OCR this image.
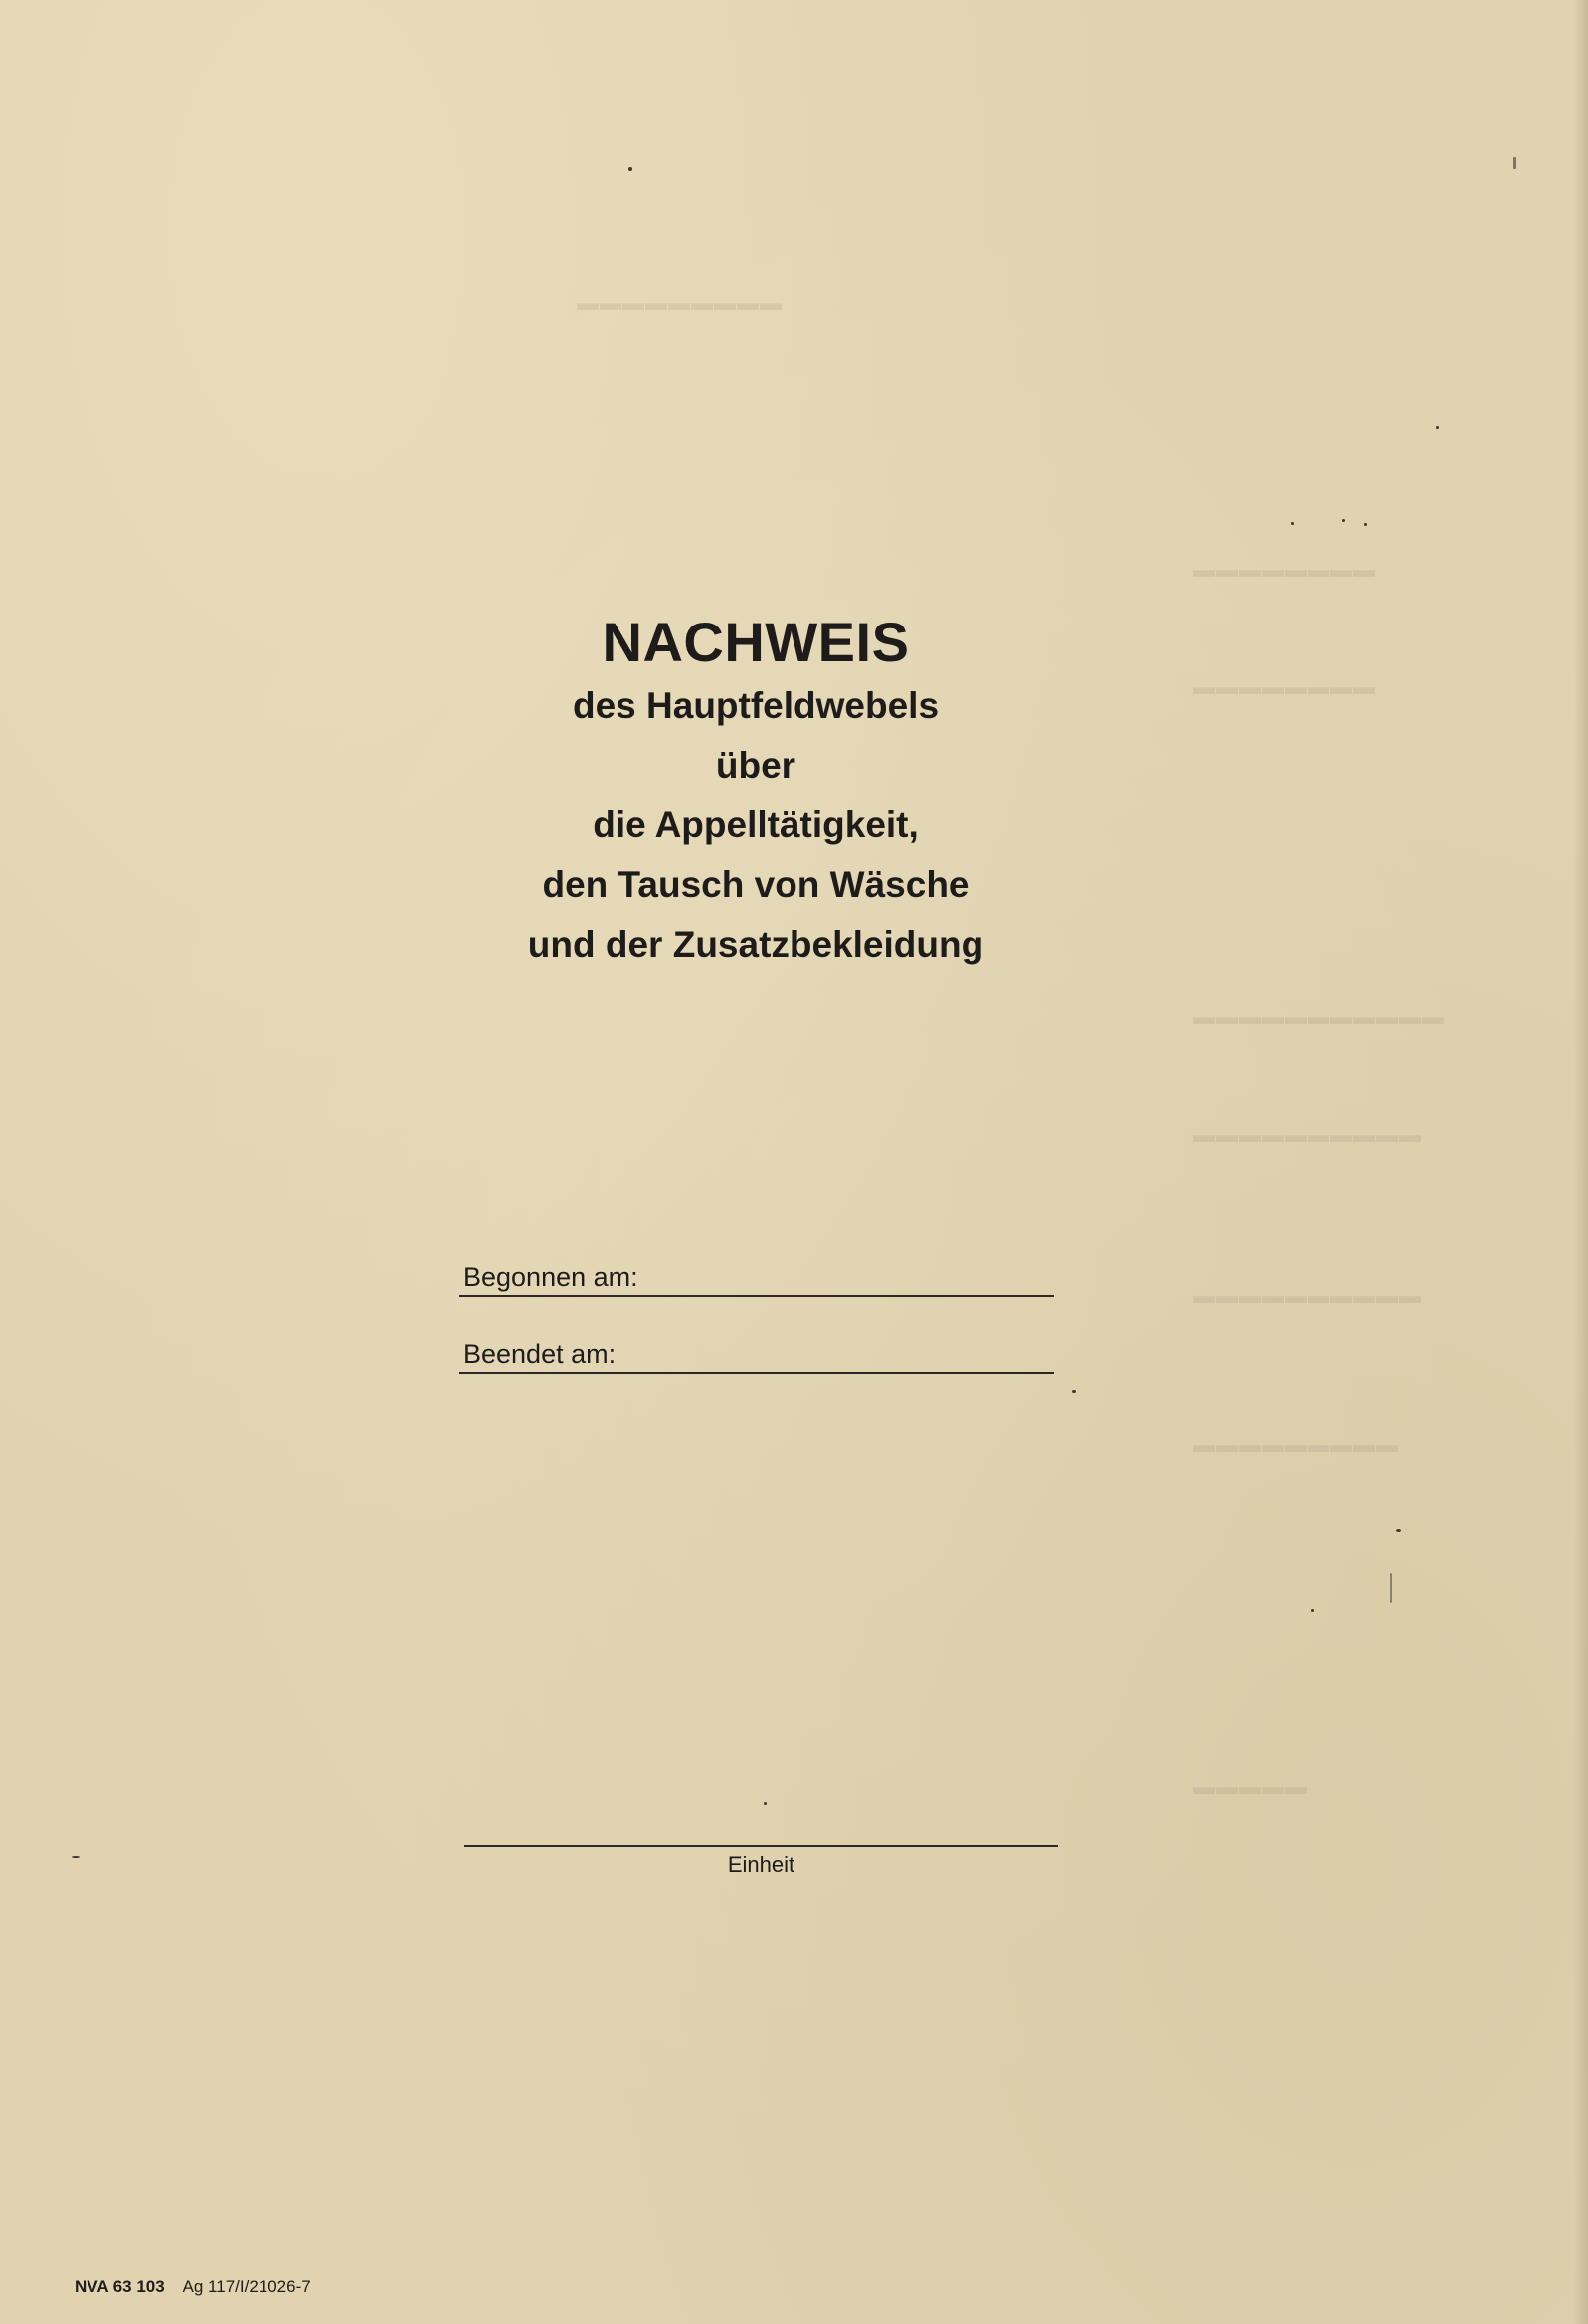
▬▬▬▬▬▬▬▬▬
▬▬▬▬▬▬▬▬
▬▬▬▬▬▬▬▬
▬▬▬▬▬▬▬▬▬▬▬
▬▬▬▬▬▬▬▬▬▬
▬▬▬▬▬▬▬▬▬▬
▬▬▬▬▬▬▬▬▬
▬▬▬▬▬
NACHWEIS

des Hauptfeldwebels

über

die Appelltätigkeit,

den Tausch von Wäsche

und der Zusatzbekleidung

Begonnen am:
Beendet am:
Einheit
NVA 63 103 Ag 117/I/21026-7
